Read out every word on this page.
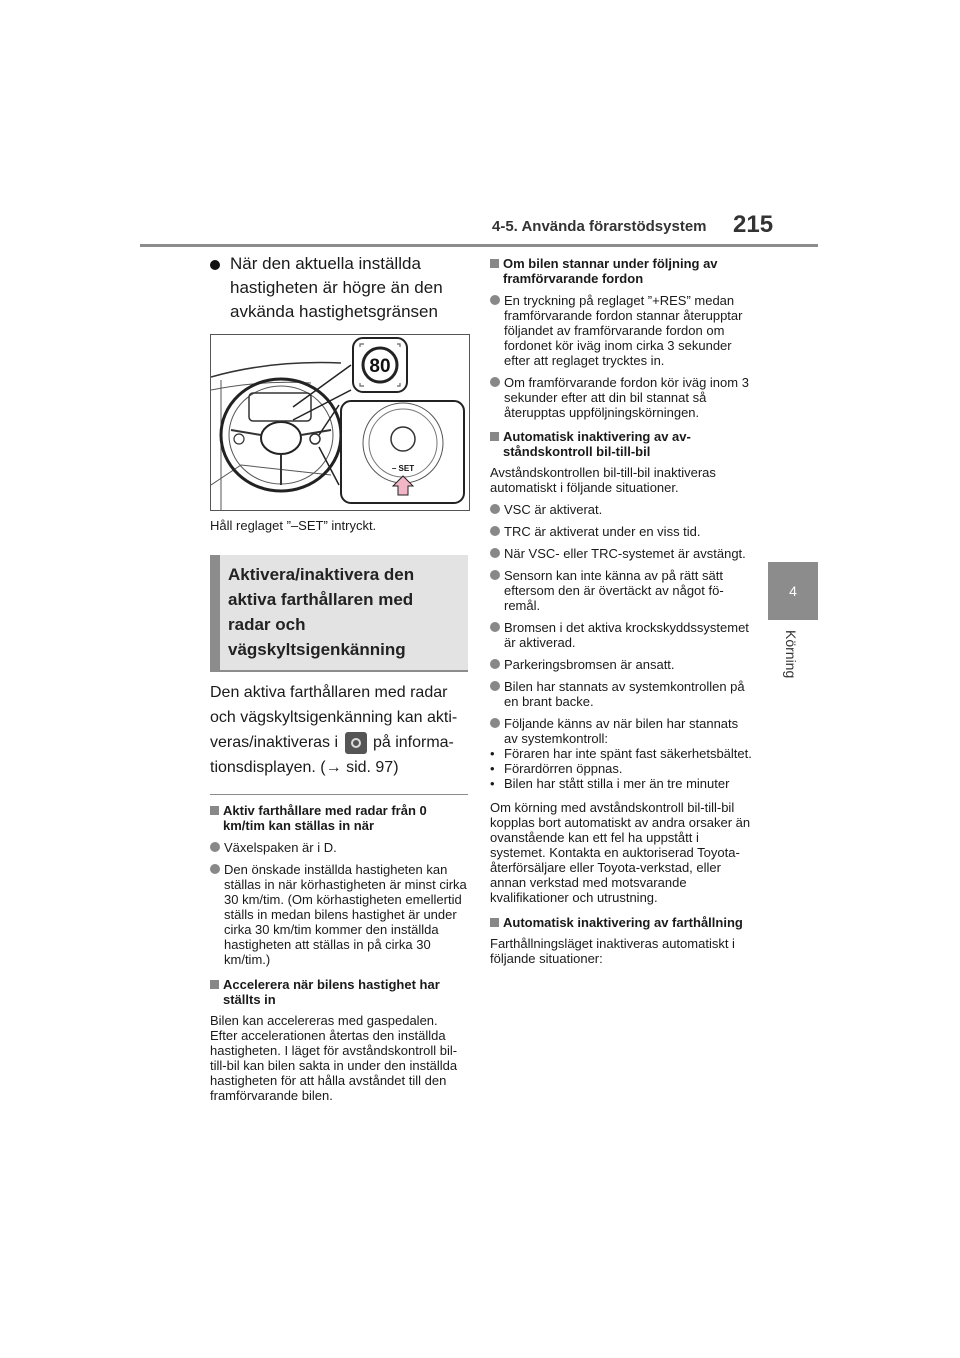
4-5. Använda förarstödsystem 215
4
Körning
När den aktuella inställda hastigheten är högre än den avkända hastighetsgränsen
80
– SET
Håll reglaget ”–SET” intryckt.
Aktivera/inaktivera den aktiva farthållaren med radar och vägskyltsigenkänning
Den aktiva farthållaren med radar och vägskyltsigenkänning kan aktiveras/inaktiveras i på informationsdisplayen. (→ sid. 97)
Aktiv farthållare med radar från 0 km/tim kan ställas in när
Växelspaken är i D.
Den önskade inställda hastigheten kan ställas in när körhastigheten är minst cirka 30 km/tim. (Om körhastigheten emellertid ställs in medan bilens hastighet är under cirka 30 km/tim kommer den inställda hastigheten att ställas in på cirka 30 km/tim.)
Accelerera när bilens hastighet har ställts in
Bilen kan accelereras med gaspedalen. Efter accelerationen återtas den inställda hastigheten. I läget för avståndskontroll bil-till-bil kan bilen sakta in under den inställda hastigheten för att hålla avståndet till den framförvarande bilen.
Om bilen stannar under följning av framförvarande fordon
En tryckning på reglaget ”+RES” medan framförvarande fordon stannar återupptar följandet av framförvarande fordon om fordonet kör iväg inom cirka 3 sekunder efter att reglaget trycktes in.
Om framförvarande fordon kör iväg inom 3 sekunder efter att din bil stannat så återupptas uppföljningskörningen.
Automatisk inaktivering av avståndskontroll bil-till-bil
Avståndskontrollen bil-till-bil inaktiveras automatiskt i följande situationer.
VSC är aktiverat.
TRC är aktiverat under en viss tid.
När VSC- eller TRC-systemet är avstängt.
Sensorn kan inte känna av på rätt sätt eftersom den är övertäckt av något föremål.
Bromsen i det aktiva krockskyddssystemet är aktiverad.
Parkeringsbromsen är ansatt.
Bilen har stannats av systemkontrollen på en brant backe.
Följande känns av när bilen har stannats av systemkontroll:
• Föraren har inte spänt fast säkerhetsbältet.
• Förardörren öppnas.
• Bilen har stått stilla i mer än tre minuter
Om körning med avståndskontroll bil-till-bil kopplas bort automatiskt av andra orsaker än ovanstående kan ett fel ha uppstått i systemet. Kontakta en auktoriserad Toyota-återförsäljare eller Toyota-verkstad, eller annan verkstad med motsvarande kvalifikationer och utrustning.
Automatisk inaktivering av farthållning
Farthållningsläget inaktiveras automatiskt i följande situationer:
